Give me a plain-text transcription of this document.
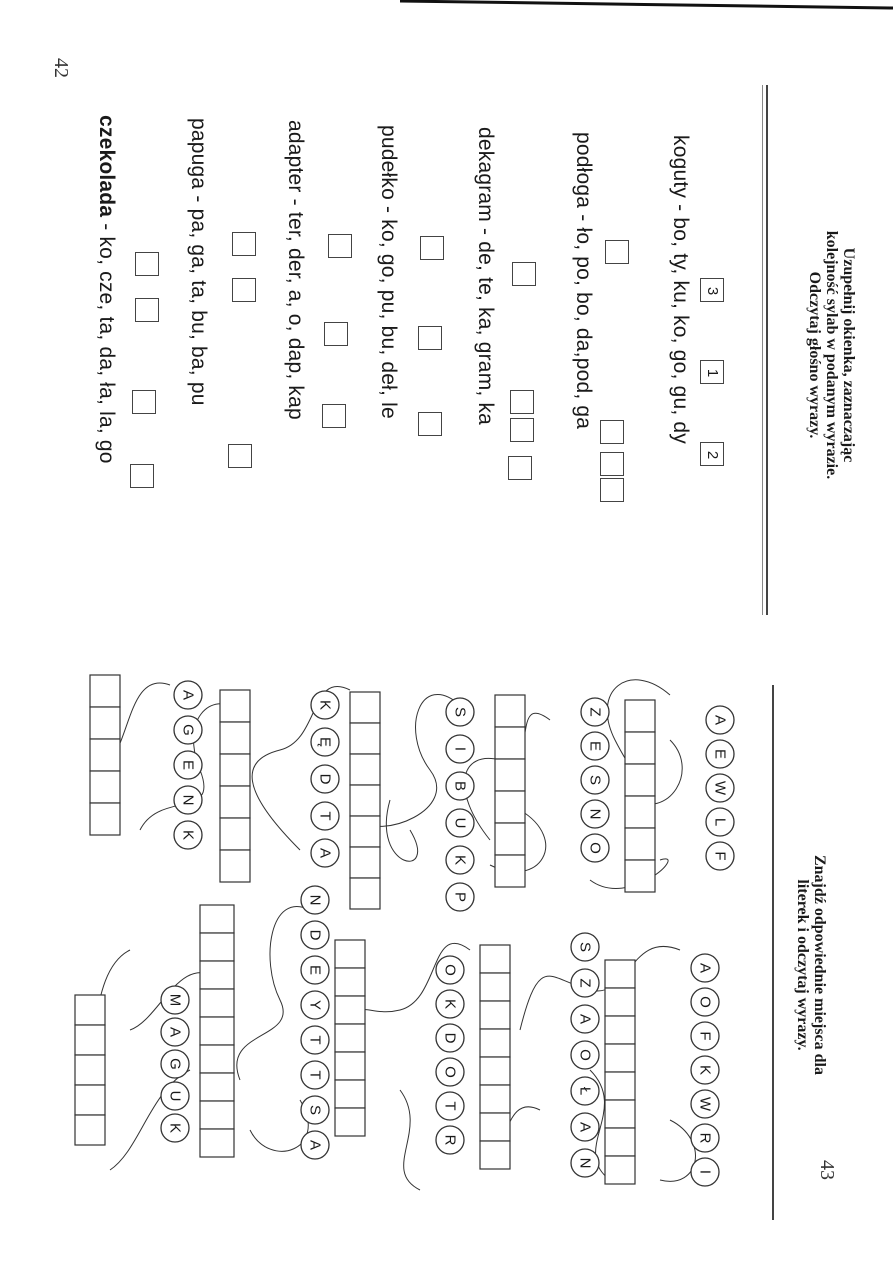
42
43
Uzupełnij okienka, zaznaczając
kolejność sylab w podanym wyrazie.
Odczytaj głośno wyrazy.
koguty - bo, ty, ku, ko, go, gu, dy
podłoga - ło, po, bo, da,pod, ga
dekagram - de, te, ka, gram, ka
pudełko - ko, go, pu, bu, deł, le
adapter - ter, der, a, o, dap, kap
papuga - pa, ga, ta, bu, ba, pu
czekolada - ko, cze, ta, da, ła, la, go	3
1
2
Znajdź odpowiednie miejsca dla
literek i odczytaj wyrazy.
A
E
W
L
F
Z
E
S
N
O
S
I
B
U
K
P
K
Ę
D
T
A
A
G
E
N
K
A
O
F
K
W
R
I
S
Z
A
O
Ł
A
N
O
K
D
O
T
R
N
D
E
Y
T
T
S
A
M
A
G
U
K
